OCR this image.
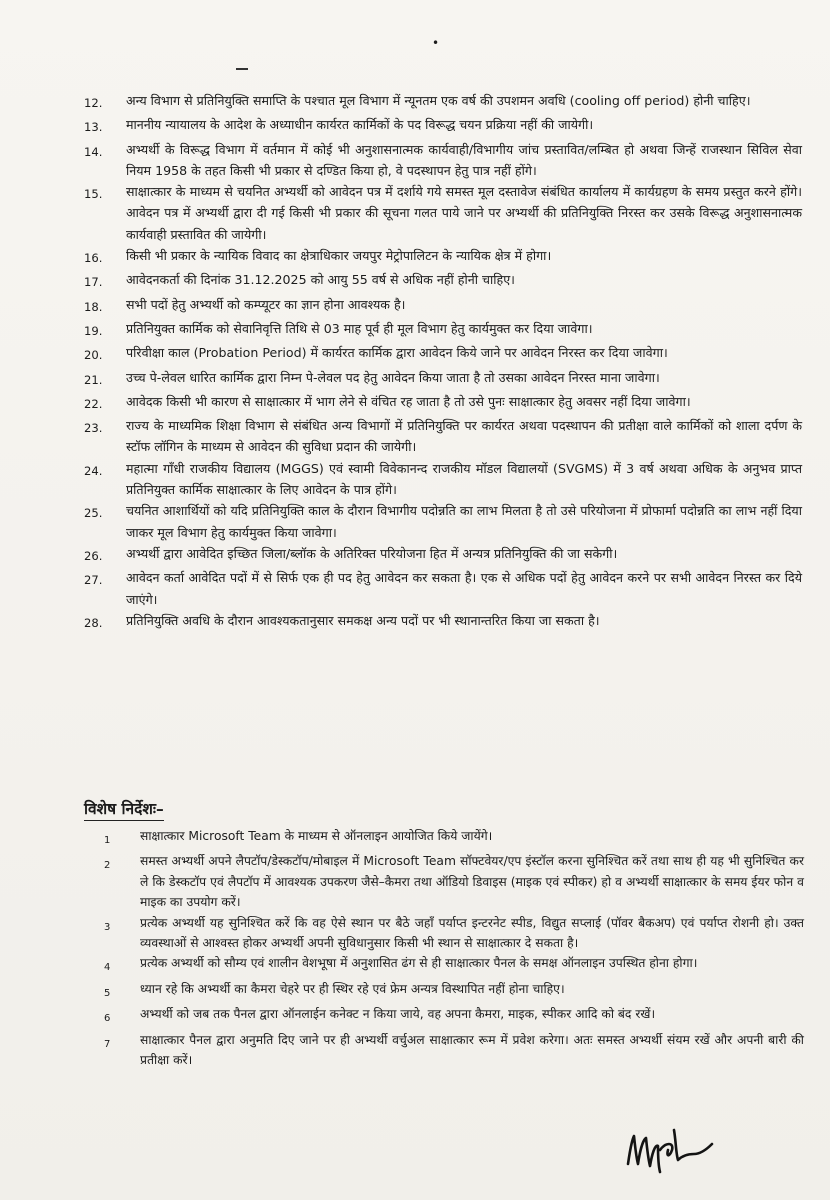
•
12.	अन्य विभाग से प्रतिनियुक्ति समाप्ति के पश्चात मूल विभाग में न्यूनतम एक वर्ष की उपशमन अवधि (cooling off period) होनी चाहिए।
13.	माननीय न्यायालय के आदेश के अध्याधीन कार्यरत कार्मिकों के पद विरूद्ध चयन प्रक्रिया नहीं की जायेगी।
14.	अभ्यर्थी के विरूद्ध विभाग में वर्तमान में कोई भी अनुशासनात्मक कार्यवाही/विभागीय जांच प्रस्तावित/लम्बित हो अथवा जिन्हें राजस्थान सिविल सेवा नियम 1958 के तहत किसी भी प्रकार से दण्डित किया हो, वे पदस्थापन हेतु पात्र नहीं होंगे।
15.	साक्षात्कार के माध्यम से चयनित अभ्यर्थी को आवेदन पत्र में दर्शाये गये समस्त मूल दस्तावेज संबंधित कार्यालय में कार्यग्रहण के समय प्रस्तुत करने होंगे। आवेदन पत्र में अभ्यर्थी द्वारा दी गई किसी भी प्रकार की सूचना गलत पाये जाने पर अभ्यर्थी की प्रतिनियुक्ति निरस्त कर उसके विरूद्ध अनुशासनात्मक कार्यवाही प्रस्तावित की जायेगी।
16.	किसी भी प्रकार के न्यायिक विवाद का क्षेत्राधिकार जयपुर मेट्रोपालिटन के न्यायिक क्षेत्र में होगा।
17.	आवेदनकर्ता की दिनांक 31.12.2025 को आयु 55 वर्ष से अधिक नहीं होनी चाहिए।
18.	सभी पदों हेतु अभ्यर्थी को कम्प्यूटर का ज्ञान होना आवश्यक है।
19.	प्रतिनियुक्त कार्मिक को सेवानिवृत्ति तिथि से 03 माह पूर्व ही मूल विभाग हेतु कार्यमुक्त कर दिया जावेगा।
20.	परिवीक्षा काल (Probation Period) में कार्यरत कार्मिक द्वारा आवेदन किये जाने पर आवेदन निरस्त कर दिया जावेगा।
21.	उच्च पे-लेवल धारित कार्मिक द्वारा निम्न पे-लेवल पद हेतु आवेदन किया जाता है तो उसका आवेदन निरस्त माना जावेगा।
22.	आवेदक किसी भी कारण से साक्षात्कार में भाग लेने से वंचित रह जाता है तो उसे पुनः साक्षात्कार हेतु अवसर नहीं दिया जावेगा।
23.	राज्य के माध्यमिक शिक्षा विभाग से संबंधित अन्य विभागों में प्रतिनियुक्ति पर कार्यरत अथवा पदस्थापन की प्रतीक्षा वाले कार्मिकों को शाला दर्पण के स्टॉफ लॉगिन के माध्यम से आवेदन की सुविधा प्रदान की जायेगी।
24.	महात्मा गाँधी राजकीय विद्यालय (MGGS) एवं स्वामी विवेकानन्द राजकीय मॉडल विद्यालयों (SVGMS) में 3 वर्ष अथवा अधिक के अनुभव प्राप्त प्रतिनियुक्त कार्मिक साक्षात्कार के लिए आवेदन के पात्र होंगे।
25.	चयनित आशार्थियों को यदि प्रतिनियुक्ति काल के दौरान विभागीय पदोन्नति का लाभ मिलता है तो उसे परियोजना में प्रोफार्मा पदोन्नति का लाभ नहीं दिया जाकर मूल विभाग हेतु कार्यमुक्त किया जावेगा।
26.	अभ्यर्थी द्वारा आवेदित इच्छित जिला/ब्लॉक के अतिरिक्त परियोजना हित में अन्यत्र प्रतिनियुक्ति की जा सकेगी।
27.	आवेदन कर्ता आवेदित पदों में से सिर्फ एक ही पद हेतु आवेदन कर सकता है। एक से अधिक पदों हेतु आवेदन करने पर सभी आवेदन निरस्त कर दिये जाएंगे।
28.	प्रतिनियुक्ति अवधि के दौरान आवश्यकतानुसार समकक्ष अन्य पदों पर भी स्थानान्तरित किया जा सकता है।
विशेष निर्देशः–
1	साक्षात्कार Microsoft Team के माध्यम से ऑनलाइन आयोजित किये जायेंगे।
2	समस्त अभ्यर्थी अपने लैपटॉप/डेस्कटॉप/मोबाइल में Microsoft Team सॉफ्टवेयर/एप इंस्टॉल करना सुनिश्चित करें तथा साथ ही यह भी सुनिश्चित कर ले कि डेस्कटॉप एवं लैपटॉप में आवश्यक उपकरण जैसे–कैमरा तथा ऑडियो डिवाइस (माइक एवं स्पीकर) हो व अभ्यर्थी साक्षात्कार के समय ईयर फोन व माइक का उपयोग करें।
3	प्रत्येक अभ्यर्थी यह सुनिश्चित करें कि वह ऐसे स्थान पर बैठे जहाँ पर्याप्त इन्टरनेट स्पीड, विद्युत सप्लाई (पॉवर बैकअप) एवं पर्याप्त रोशनी हो। उक्त व्यवस्थाओं से आश्वस्त होकर अभ्यर्थी अपनी सुविधानुसार किसी भी स्थान से साक्षात्कार दे सकता है।
4	प्रत्येक अभ्यर्थी को सौम्य एवं शालीन वेशभूषा में अनुशासित ढंग से ही साक्षात्कार पैनल के समक्ष ऑनलाइन उपस्थित होना होगा।
5	ध्यान रहे कि अभ्यर्थी का कैमरा चेहरे पर ही स्थिर रहे एवं फ्रेम अन्यत्र विस्थापित नहीं होना चाहिए।
6	अभ्यर्थी को जब तक पैनल द्वारा ऑनलाईन कनेक्ट न किया जाये, वह अपना कैमरा, माइक, स्पीकर आदि को बंद रखें।
7	साक्षात्कार पैनल द्वारा अनुमति दिए जाने पर ही अभ्यर्थी वर्चुअल साक्षात्कार रूम में प्रवेश करेगा। अतः समस्त अभ्यर्थी संयम रखें और अपनी बारी की प्रतीक्षा करें।
